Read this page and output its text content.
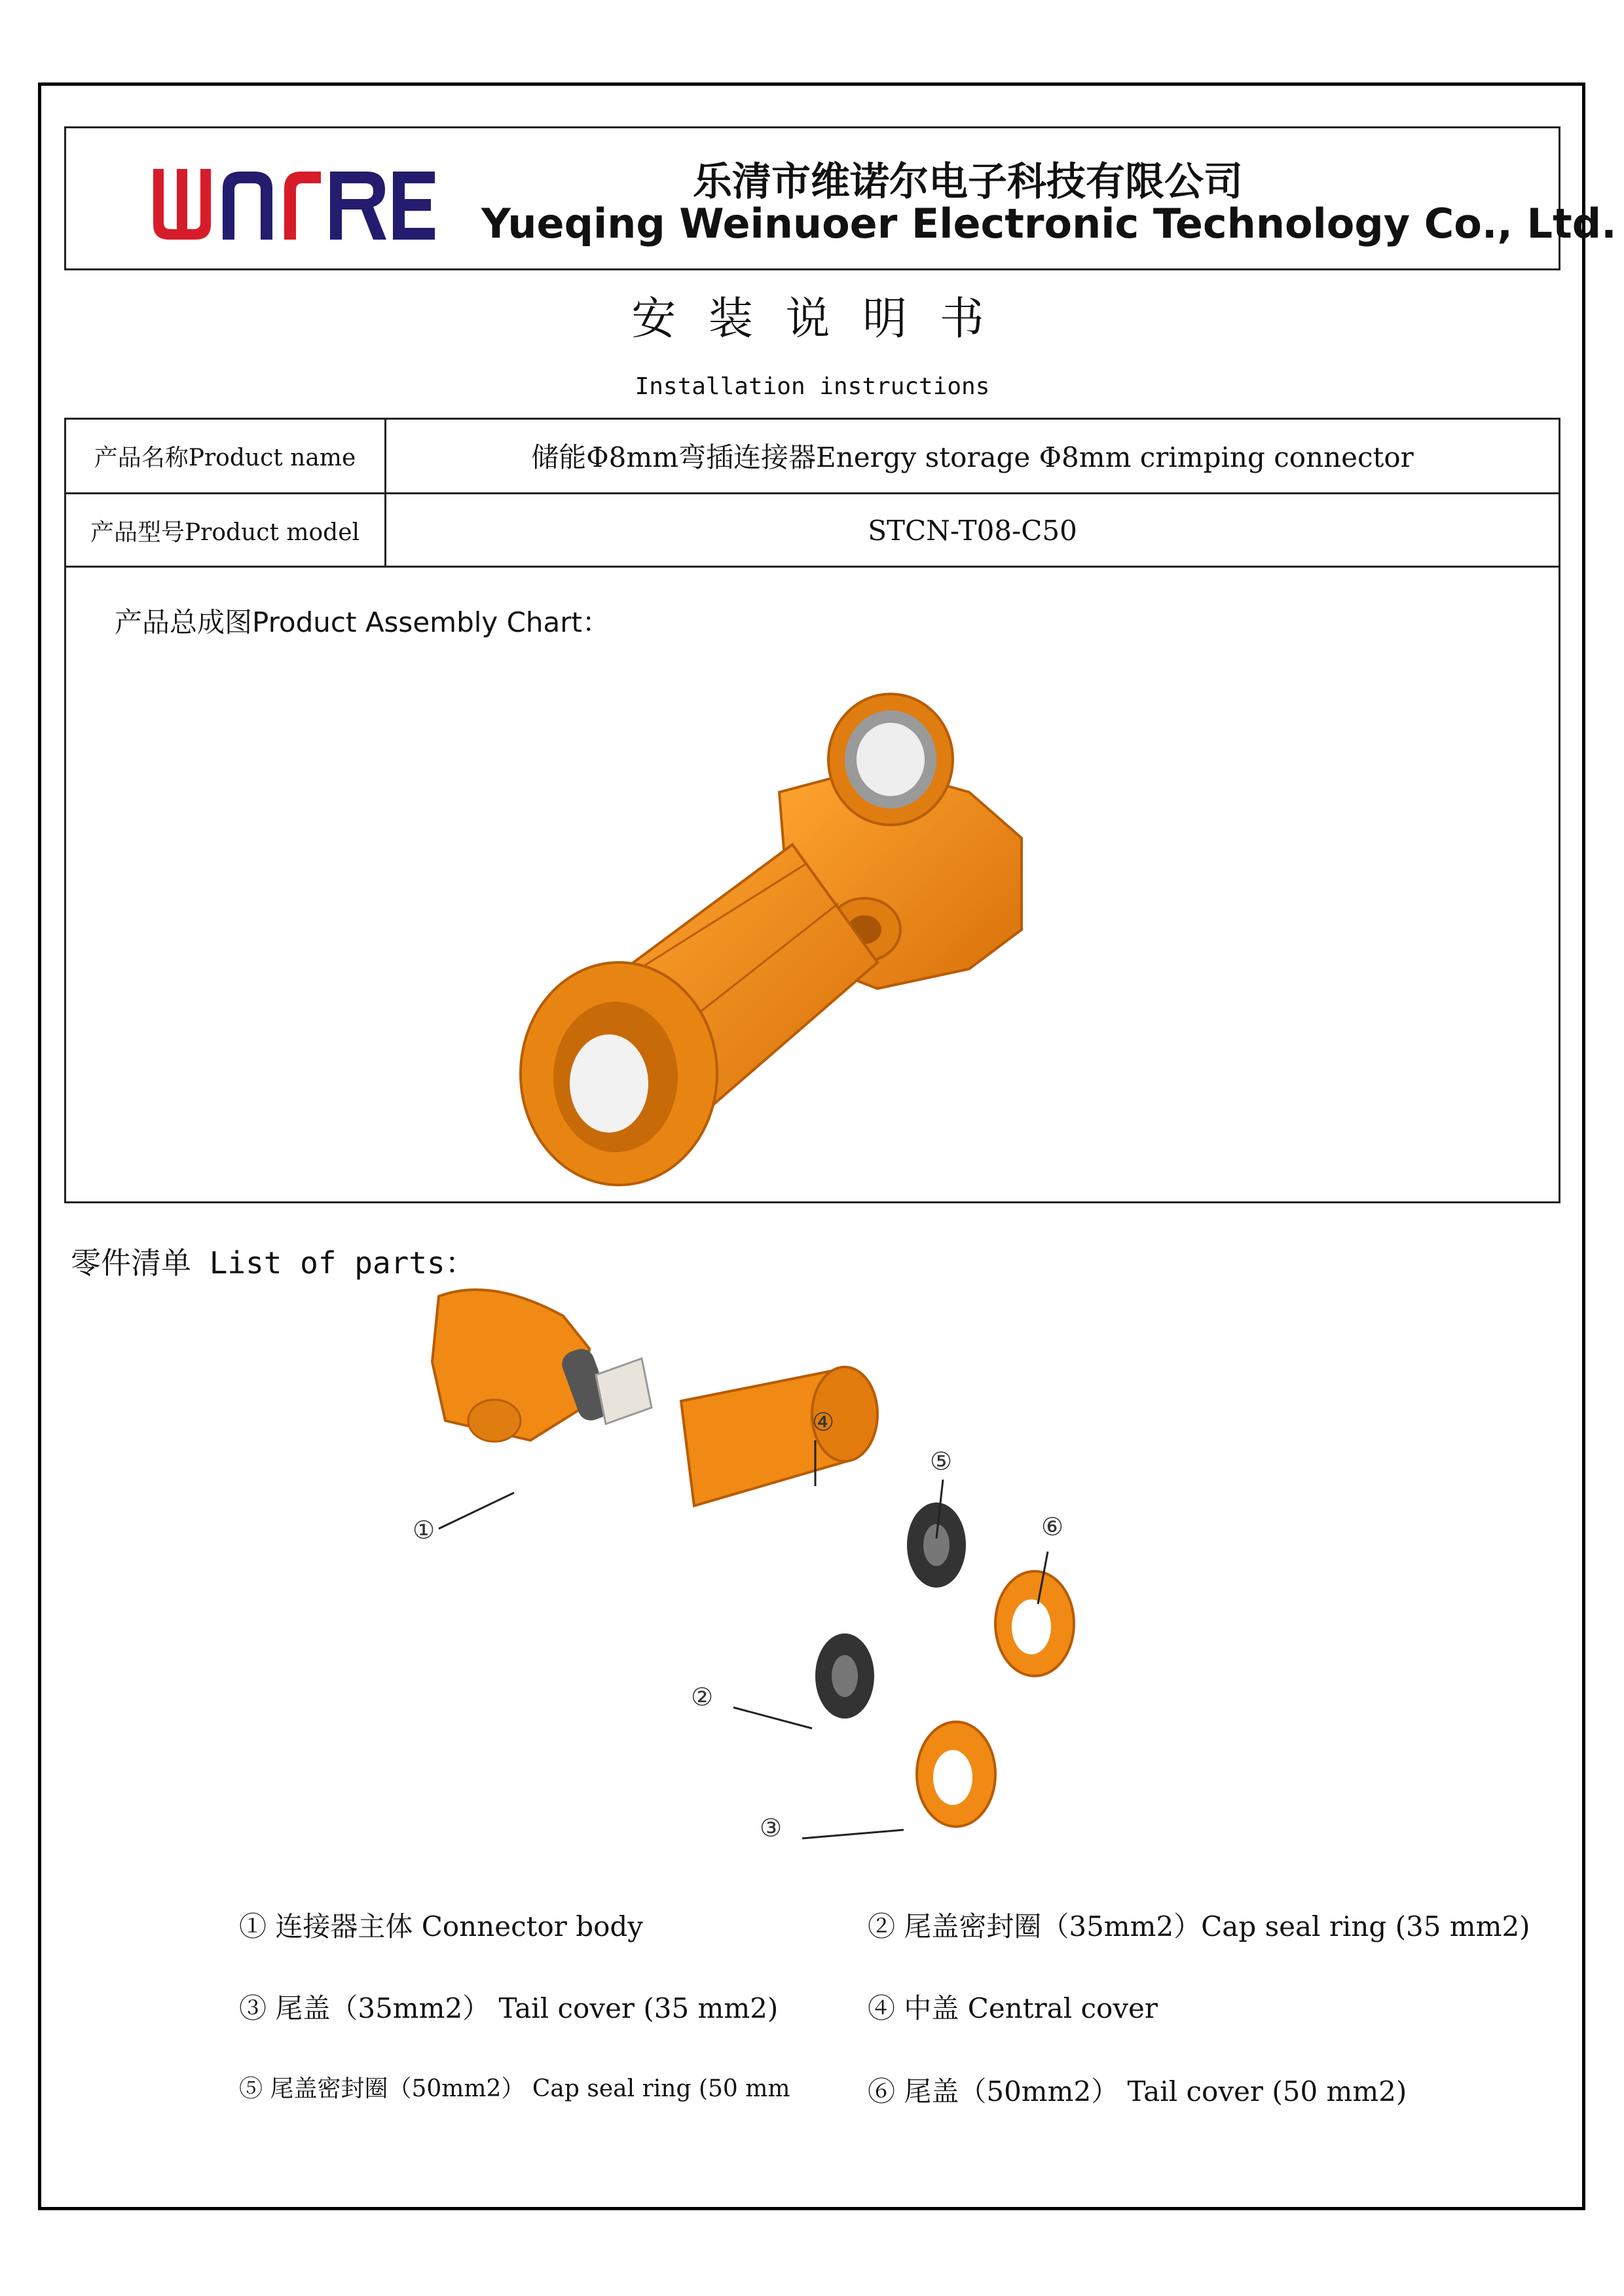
乐清市维诺尔电子科技有限公司
Yueqing Weinuoer Electronic Technology Co., Ltd.
安 装 说 明 书
Installation instructions
产品名称Product name	储能Φ8mm弯插连接器Energy storage Φ8mm crimping connector
产品型号Product model	STCN-T08-C50
产品总成图Product Assembly Chart：
零件清单 List of parts：
①
②
③
④
⑤
⑥
① 连接器主体 Connector body	② 尾盖密封圈（35mm2）Cap seal ring (35 mm2)
③ 尾盖（35mm2） Tail cover (35 mm2)	④ 中盖 Central cover
⑤ 尾盖密封圈（50mm2） Cap seal ring (50 mm	⑥ 尾盖（50mm2） Tail cover (50 mm2)
